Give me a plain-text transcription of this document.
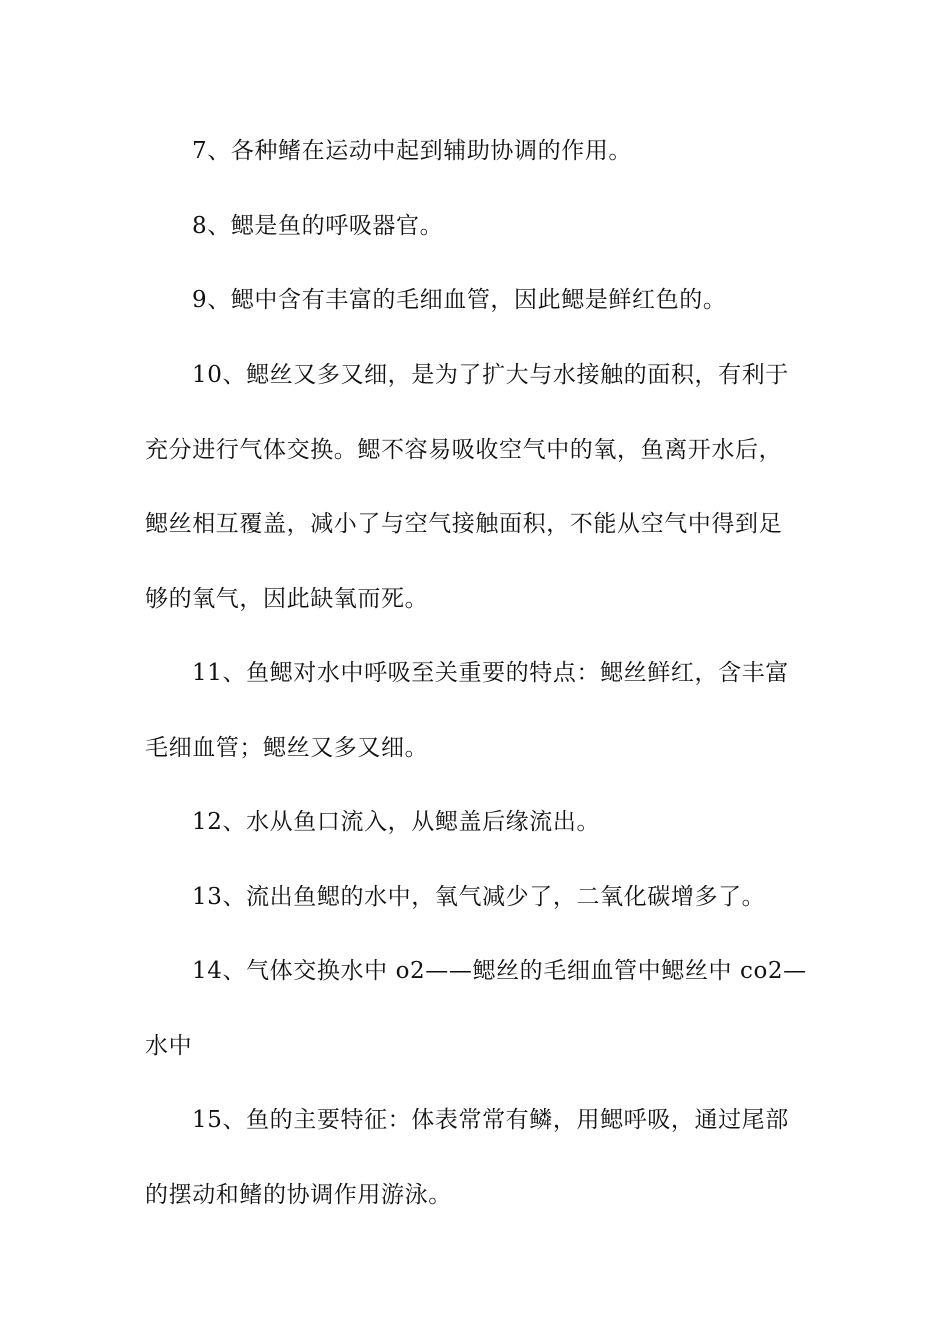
7、各种鳍在运动中起到辅助协调的作用。

8、鳃是鱼的呼吸器官。

9、鳃中含有丰富的毛细血管，因此鳃是鲜红色的。

10、鳃丝又多又细，是为了扩大与水接触的面积，有利于
充分进行气体交换。鳃不容易吸收空气中的氧，鱼离开水后，
鳃丝相互覆盖，减小了与空气接触面积，不能从空气中得到足
够的氧气，因此缺氧而死。

11、鱼鳃对水中呼吸至关重要的特点：鳃丝鲜红，含丰富
毛细血管；鳃丝又多又细。

12、水从鱼口流入，从鳃盖后缘流出。

13、流出鱼鳃的水中，氧气减少了，二氧化碳增多了。

14、气体交换水中 o2——鳃丝的毛细血管中鳃丝中 co2—
水中

15、鱼的主要特征：体表常常有鳞，用鳃呼吸，通过尾部
的摆动和鳍的协调作用游泳。
